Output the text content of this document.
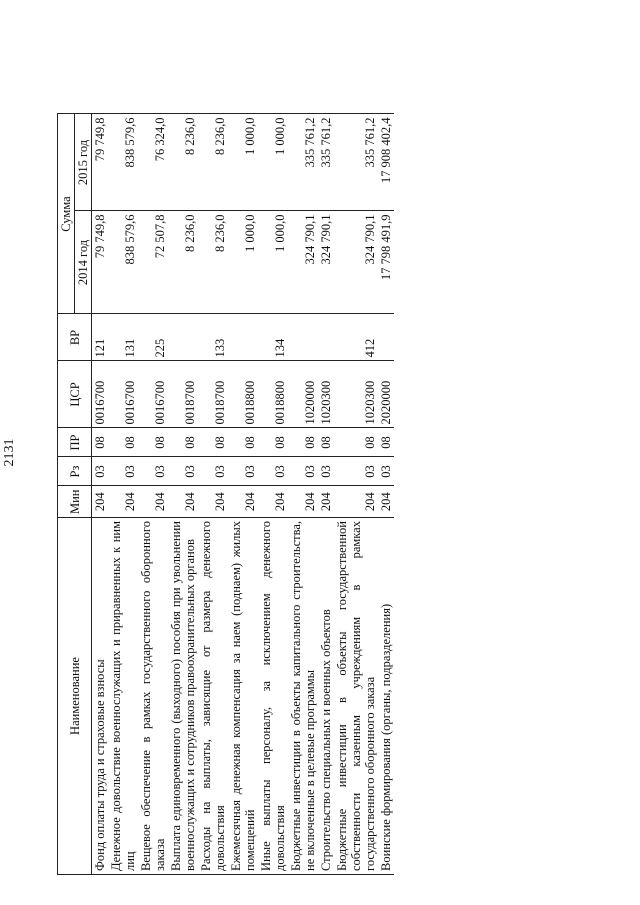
2131
Наименование	Мин	Рз	ПР	ЦСР	ВР	Сумма	
						2014 год	2015 год
Фонд оплаты труда и страховые взносы	204	03	08	0016700	121	79 749,8	79 749,8
Денежное довольствие военнослужащих и приравненных к ним лиц	204	03	08	0016700	131	838 579,6	838 579,6
Вещевое обеспечение в рамках государственного оборонного заказа	204	03	08	0016700	225	72 507,8	76 324,0
Выплата единовременного (выходного) пособия при увольнении военнослужащих и сотрудников правоохранительных органов	204	03	08	0018700		8 236,0	8 236,0
Расходы на выплаты, зависящие от размера денежного довольствия	204	03	08	0018700	133	8 236,0	8 236,0
Ежемесячная денежная компенсация за наем (поднаем) жилых помещений	204	03	08	0018800		1 000,0	1 000,0
Иные выплаты персоналу, за исключением денежного довольствия	204	03	08	0018800	134	1 000,0	1 000,0
Бюджетные инвестиции в объекты капитального строительства, не включенные в целевые программы	204	03	08	1020000		324 790,1	335 761,2
Строительство специальных и военных объектов	204	03	08	1020300		324 790,1	335 761,2
Бюджетные инвестиции в объекты государственной собственности казенным учреждениям в рамках государственного оборонного заказа	204	03	08	1020300	412	324 790,1	335 761,2
Воинские формирования (органы, подразделения)	204	03	08	2020000		17 798 491,9	17 908 402,4
